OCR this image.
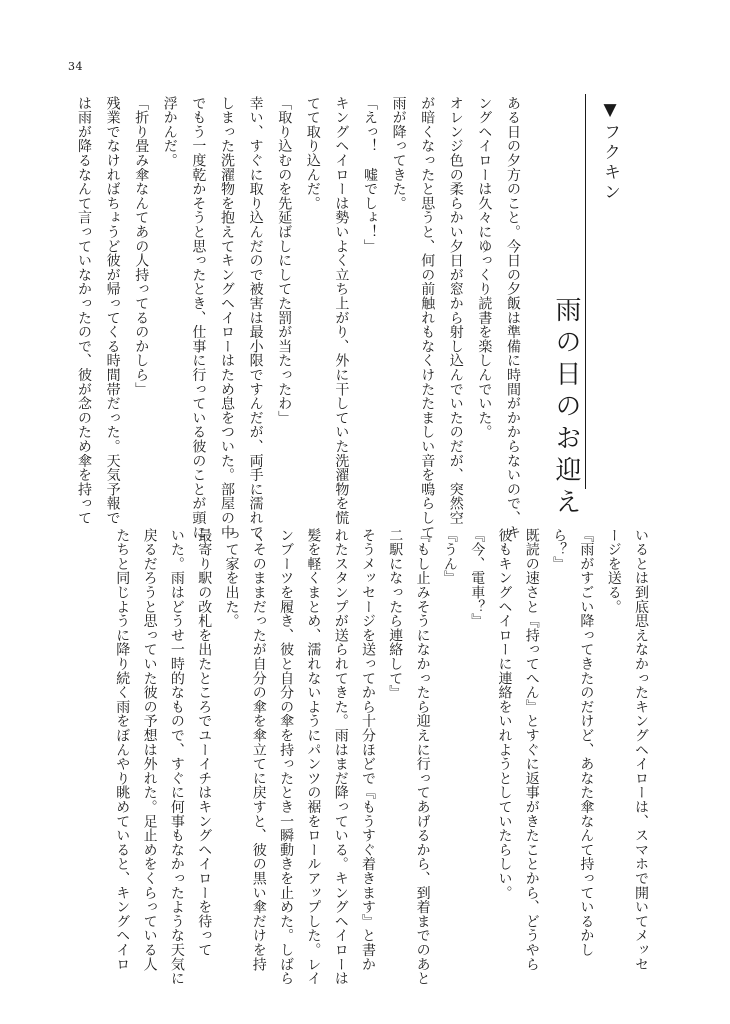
34
▼フクキン
雨の日のお迎え
ある日の夕方のこと。今日の夕飯は準備に時間がかからないので、キ
ングヘイローは久々にゆっくり読書を楽しんでいた。
オレンジ色の柔らかい夕日が窓から射し込んでいたのだが、突然空
が暗くなったと思うと、何の前触れもなくけたたましい音を鳴らして
雨が降ってきた。
「えっ！　嘘でしょ！」
キングヘイローは勢いよく立ち上がり、外に干していた洗濯物を慌
てて取り込んだ。
「取り込むのを先延ばしにしてた罰が当たったわ」
幸い、すぐに取り込んだので被害は最小限ですんだが、両手に濡れて
しまった洗濯物を抱えてキングヘイローはため息をついた。部屋の中
でもう一度乾かそうと思ったとき、仕事に行っている彼のことが頭に
浮かんだ。
「折り畳み傘なんてあの人持ってるのかしら」
残業でなければちょうど彼が帰ってくる時間帯だった。天気予報で
は雨が降るなんて言っていなかったので、彼が念のため傘を持って
いるとは到底思えなかったキングヘイローは、スマホで開いてメッセ
ージを送る。
『雨がすごい降ってきたのだけど、あなた傘なんて持っているかし
ら？』
既読の速さと『持ってへん』とすぐに返事がきたことから、どうやら
彼もキングヘイローに連絡をいれようとしていたらしい。
『今、電車？』
『うん』
『もし止みそうになかったら迎えに行ってあげるから、到着までのあと
二駅になったら連絡して』
そうメッセージを送ってから十分ほどで『もうすぐ着きます』と書か
れたスタンプが送られてきた。雨はまだ降っている。キングヘイローは
髪を軽くまとめ、濡れないようにパンツの裾をロールアップした。レイ
ンブーツを履き、彼と自分の傘を持ったとき一瞬動きを止めた。しばら
くそのままだったが自分の傘を傘立てに戻すと、彼の黒い傘だけを持
って家を出た。
最寄り駅の改札を出たところでユーイチはキングヘイローを待って
いた。雨はどうせ一時的なもので、すぐに何事もなかったような天気に
戻るだろうと思っていた彼の予想は外れた。足止めをくらっている人
たちと同じように降り続く雨をぼんやり眺めていると、キングヘイロ
